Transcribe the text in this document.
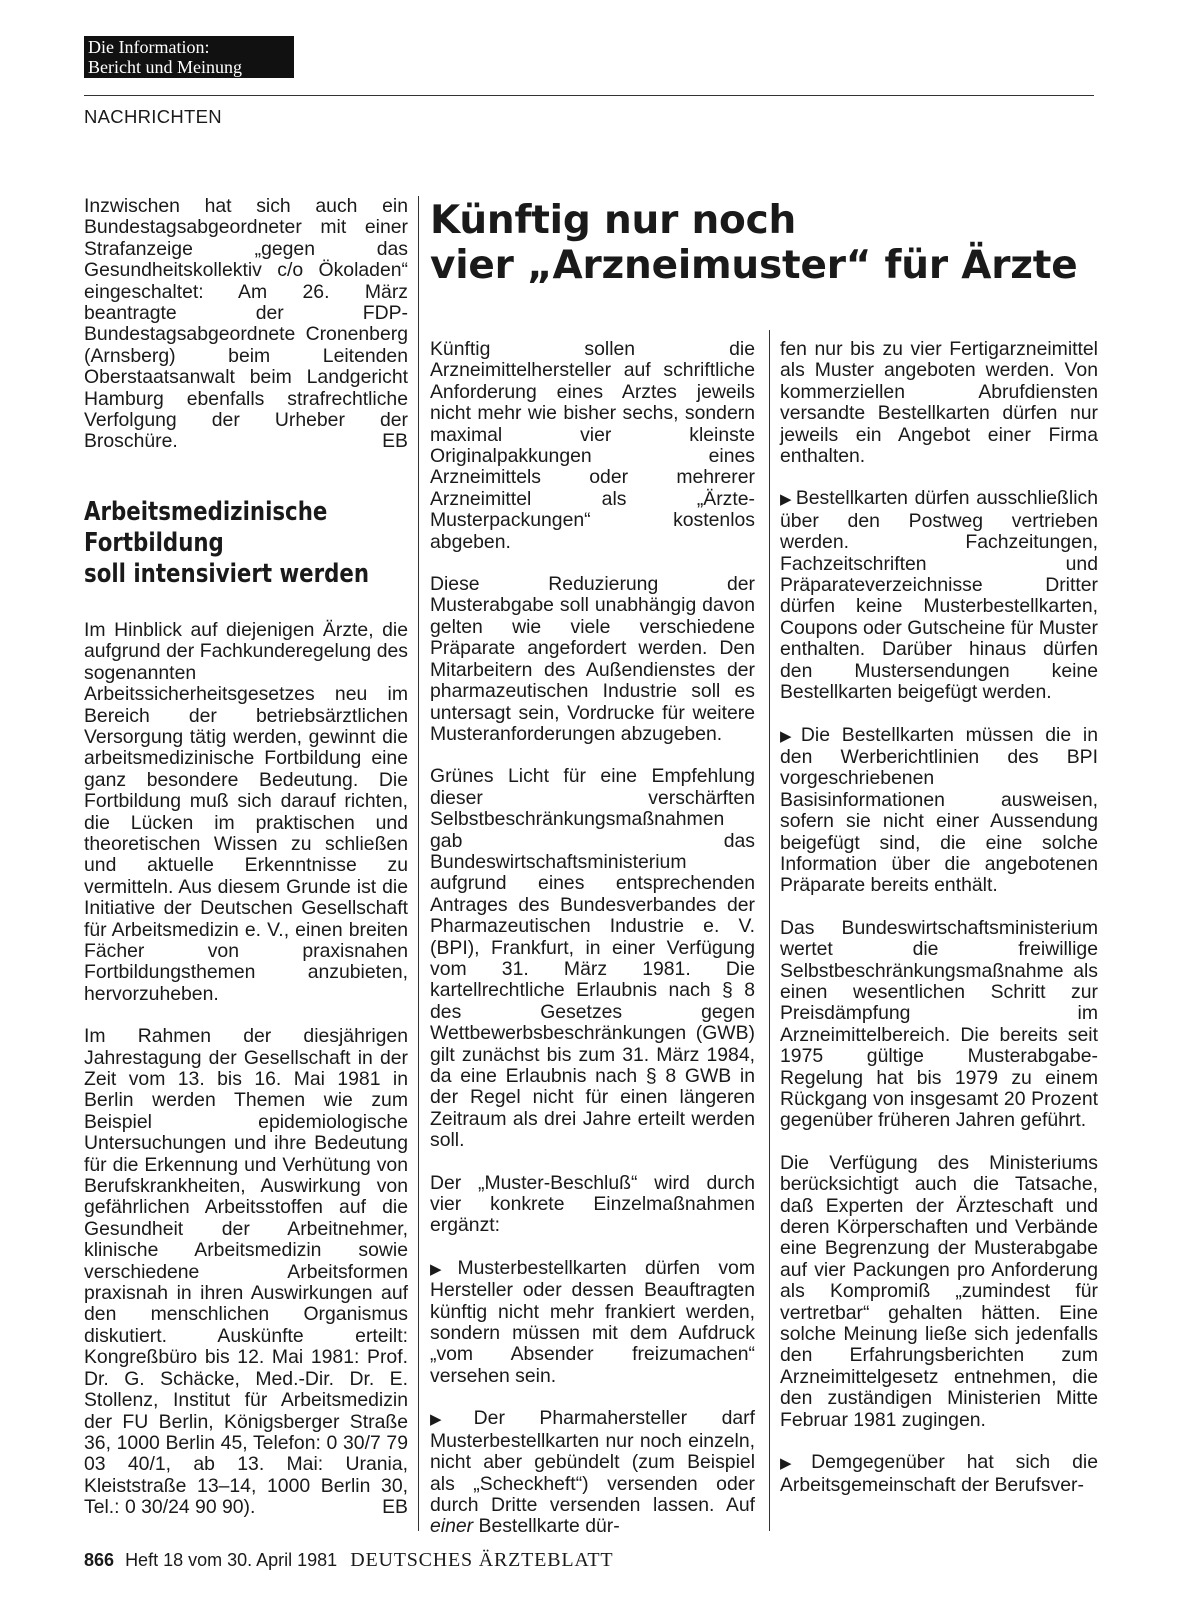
Die Information:
Bericht und Meinung
NACHRICHTEN

Inzwischen hat sich auch ein Bundestagsabgeordneter mit einer Strafanzeige „gegen das Gesundheitskollektiv c/o Ökoladen“ eingeschaltet: Am 26. März beantragte der FDP-Bundestagsabgeordnete Cronenberg (Arnsberg) beim Leitenden Oberstaatsanwalt beim Landgericht Hamburg ebenfalls strafrechtliche Verfolgung der Urheber der Broschüre.	EB

Arbeitsmedizinische
Fortbildung
soll intensiviert werden

Im Hinblick auf diejenigen Ärzte, die aufgrund der Fachkunderegelung des sogenannten Arbeitssicherheitsgesetzes neu im Bereich der betriebsärztlichen Versorgung tätig werden, gewinnt die arbeitsmedizinische Fortbildung eine ganz besondere Bedeutung. Die Fortbildung muß sich darauf richten, die Lücken im praktischen und theoretischen Wissen zu schließen und aktuelle Erkenntnisse zu vermitteln. Aus diesem Grunde ist die Initiative der Deutschen Gesellschaft für Arbeitsmedizin e. V., einen breiten Fächer von praxisnahen Fortbildungsthemen anzubieten, hervorzuheben.

Im Rahmen der diesjährigen Jahrestagung der Gesellschaft in der Zeit vom 13. bis 16. Mai 1981 in Berlin werden Themen wie zum Beispiel epidemiologische Untersuchungen und ihre Bedeutung für die Erkennung und Verhütung von Berufskrankheiten, Auswirkung von gefährlichen Arbeitsstoffen auf die Gesundheit der Arbeitnehmer, klinische Arbeitsmedizin sowie verschiedene Arbeitsformen praxisnah in ihren Auswirkungen auf den menschlichen Organismus diskutiert. Auskünfte erteilt: Kongreßbüro bis 12. Mai 1981: Prof. Dr. G. Schäcke, Med.-Dir. Dr. E. Stollenz, Institut für Arbeitsmedizin der FU Berlin, Königsberger Straße 36, 1000 Berlin 45, Telefon: 0 30/7 79 03 40/1, ab 13. Mai: Urania, Kleiststraße 13–14, 1000 Berlin 30, Tel.: 0 30/24 90 90).	EB

Künftig nur noch
vier „Arzneimuster“ für Ärzte

Künftig sollen die Arzneimittelhersteller auf schriftliche Anforderung eines Arztes jeweils nicht mehr wie bisher sechs, sondern maximal vier kleinste Originalpakkungen eines Arzneimittels oder mehrerer Arzneimittel als „Ärzte-Musterpackungen“ kostenlos abgeben.

Diese Reduzierung der Musterabgabe soll unabhängig davon gelten wie viele verschiedene Präparate angefordert werden. Den Mitarbeitern des Außendienstes der pharmazeutischen Industrie soll es untersagt sein, Vordrucke für weitere Musteranforderungen abzugeben.

Grünes Licht für eine Empfehlung dieser verschärften Selbstbeschränkungsmaßnahmen gab das Bundeswirtschaftsministerium aufgrund eines entsprechenden Antrages des Bundesverbandes der Pharmazeutischen Industrie e. V. (BPI), Frankfurt, in einer Verfügung vom 31. März 1981. Die kartellrechtliche Erlaubnis nach § 8 des Gesetzes gegen Wettbewerbsbeschränkungen (GWB) gilt zunächst bis zum 31. März 1984, da eine Erlaubnis nach § 8 GWB in der Regel nicht für einen längeren Zeitraum als drei Jahre erteilt werden soll.

Der „Muster-Beschluß“ wird durch vier konkrete Einzelmaßnahmen ergänzt:

▶ Musterbestellkarten dürfen vom Hersteller oder dessen Beauftragten künftig nicht mehr frankiert werden, sondern müssen mit dem Aufdruck „vom Absender freizumachen“ versehen sein.

▶ Der Pharmahersteller darf Musterbestellkarten nur noch einzeln, nicht aber gebündelt (zum Beispiel als „Scheckheft“) versenden oder durch Dritte versenden lassen. Auf einer Bestellkarte dür-

fen nur bis zu vier Fertigarzneimittel als Muster angeboten werden. Von kommerziellen Abrufdiensten versandte Bestellkarten dürfen nur jeweils ein Angebot einer Firma enthalten.

▶ Bestellkarten dürfen ausschließlich über den Postweg vertrieben werden. Fachzeitungen, Fachzeitschriften und Präparateverzeichnisse Dritter dürfen keine Musterbestellkarten, Coupons oder Gutscheine für Muster enthalten. Darüber hinaus dürfen den Mustersendungen keine Bestellkarten beigefügt werden.

▶ Die Bestellkarten müssen die in den Werberichtlinien des BPI vorgeschriebenen Basisinformationen ausweisen, sofern sie nicht einer Aussendung beigefügt sind, die eine solche Information über die angebotenen Präparate bereits enthält.

Das Bundeswirtschaftsministerium wertet die freiwillige Selbstbeschränkungsmaßnahme als einen wesentlichen Schritt zur Preisdämpfung im Arzneimittelbereich. Die bereits seit 1975 gültige Musterabgabe-Regelung hat bis 1979 zu einem Rückgang von insgesamt 20 Prozent gegenüber früheren Jahren geführt.

Die Verfügung des Ministeriums berücksichtigt auch die Tatsache, daß Experten der Ärzteschaft und deren Körperschaften und Verbände eine Begrenzung der Musterabgabe auf vier Packungen pro Anforderung als Kompromiß „zumindest für vertretbar“ gehalten hätten. Eine solche Meinung ließe sich jedenfalls den Erfahrungsberichten zum Arzneimittelgesetz entnehmen, die den zuständigen Ministerien Mitte Februar 1981 zugingen.

▶ Demgegenüber hat sich die Arbeitsgemeinschaft der Berufsver-

866 Heft 18 vom 30. April 1981 DEUTSCHES ÄRZTEBLATT
